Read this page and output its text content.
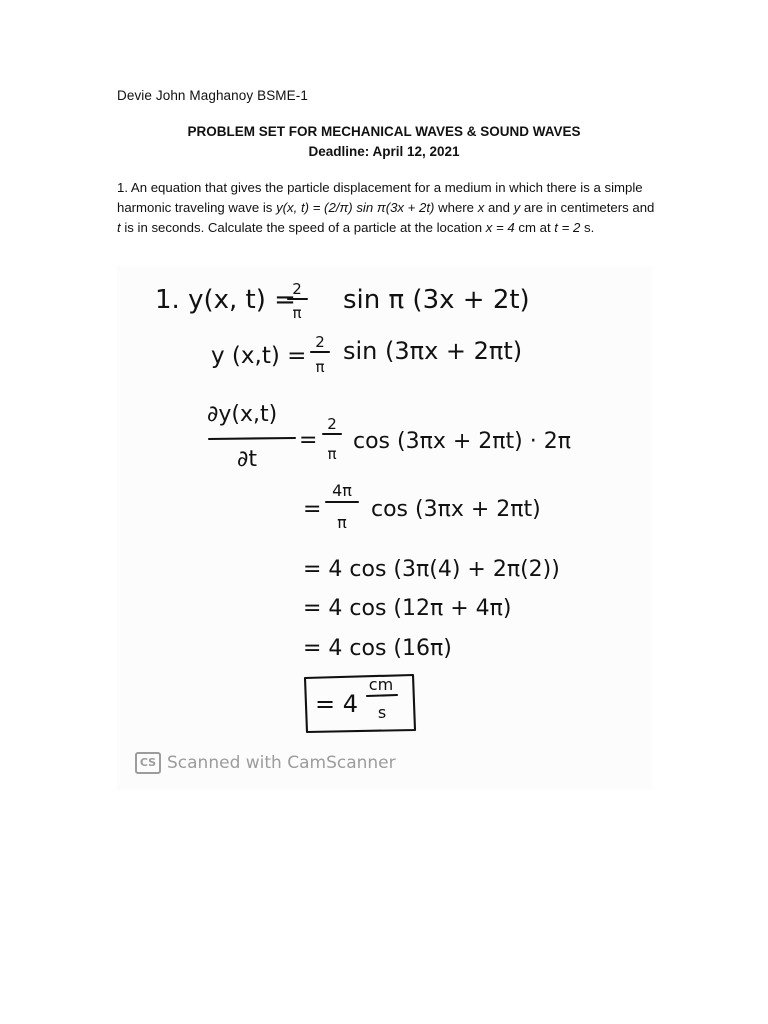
Devie John Maghanoy BSME-1
PROBLEM SET FOR MECHANICAL WAVES & SOUND WAVES
Deadline: April 12, 2021
1. An equation that gives the particle displacement for a medium in which there is a simple harmonic traveling wave is y(x, t) = (2/π) sin π(3x + 2t) where x and y are in centimeters and t is in seconds. Calculate the speed of a particle at the location x = 4 cm at t = 2 s.
1. y(x, t) =
2
π sin π (3x + 2t)
y (x,t) =
2
π
sin (3πx + 2πt)
∂y(x,t)
∂t
=
2
π cos (3πx + 2πt) · 2π
=
4π
π
cos (3πx + 2πt)
= 4 cos (3π(4) + 2π(2))
= 4 cos (12π + 4π)
= 4 cos (16π)
= 4
cm
s
CS Scanned with CamScanner
